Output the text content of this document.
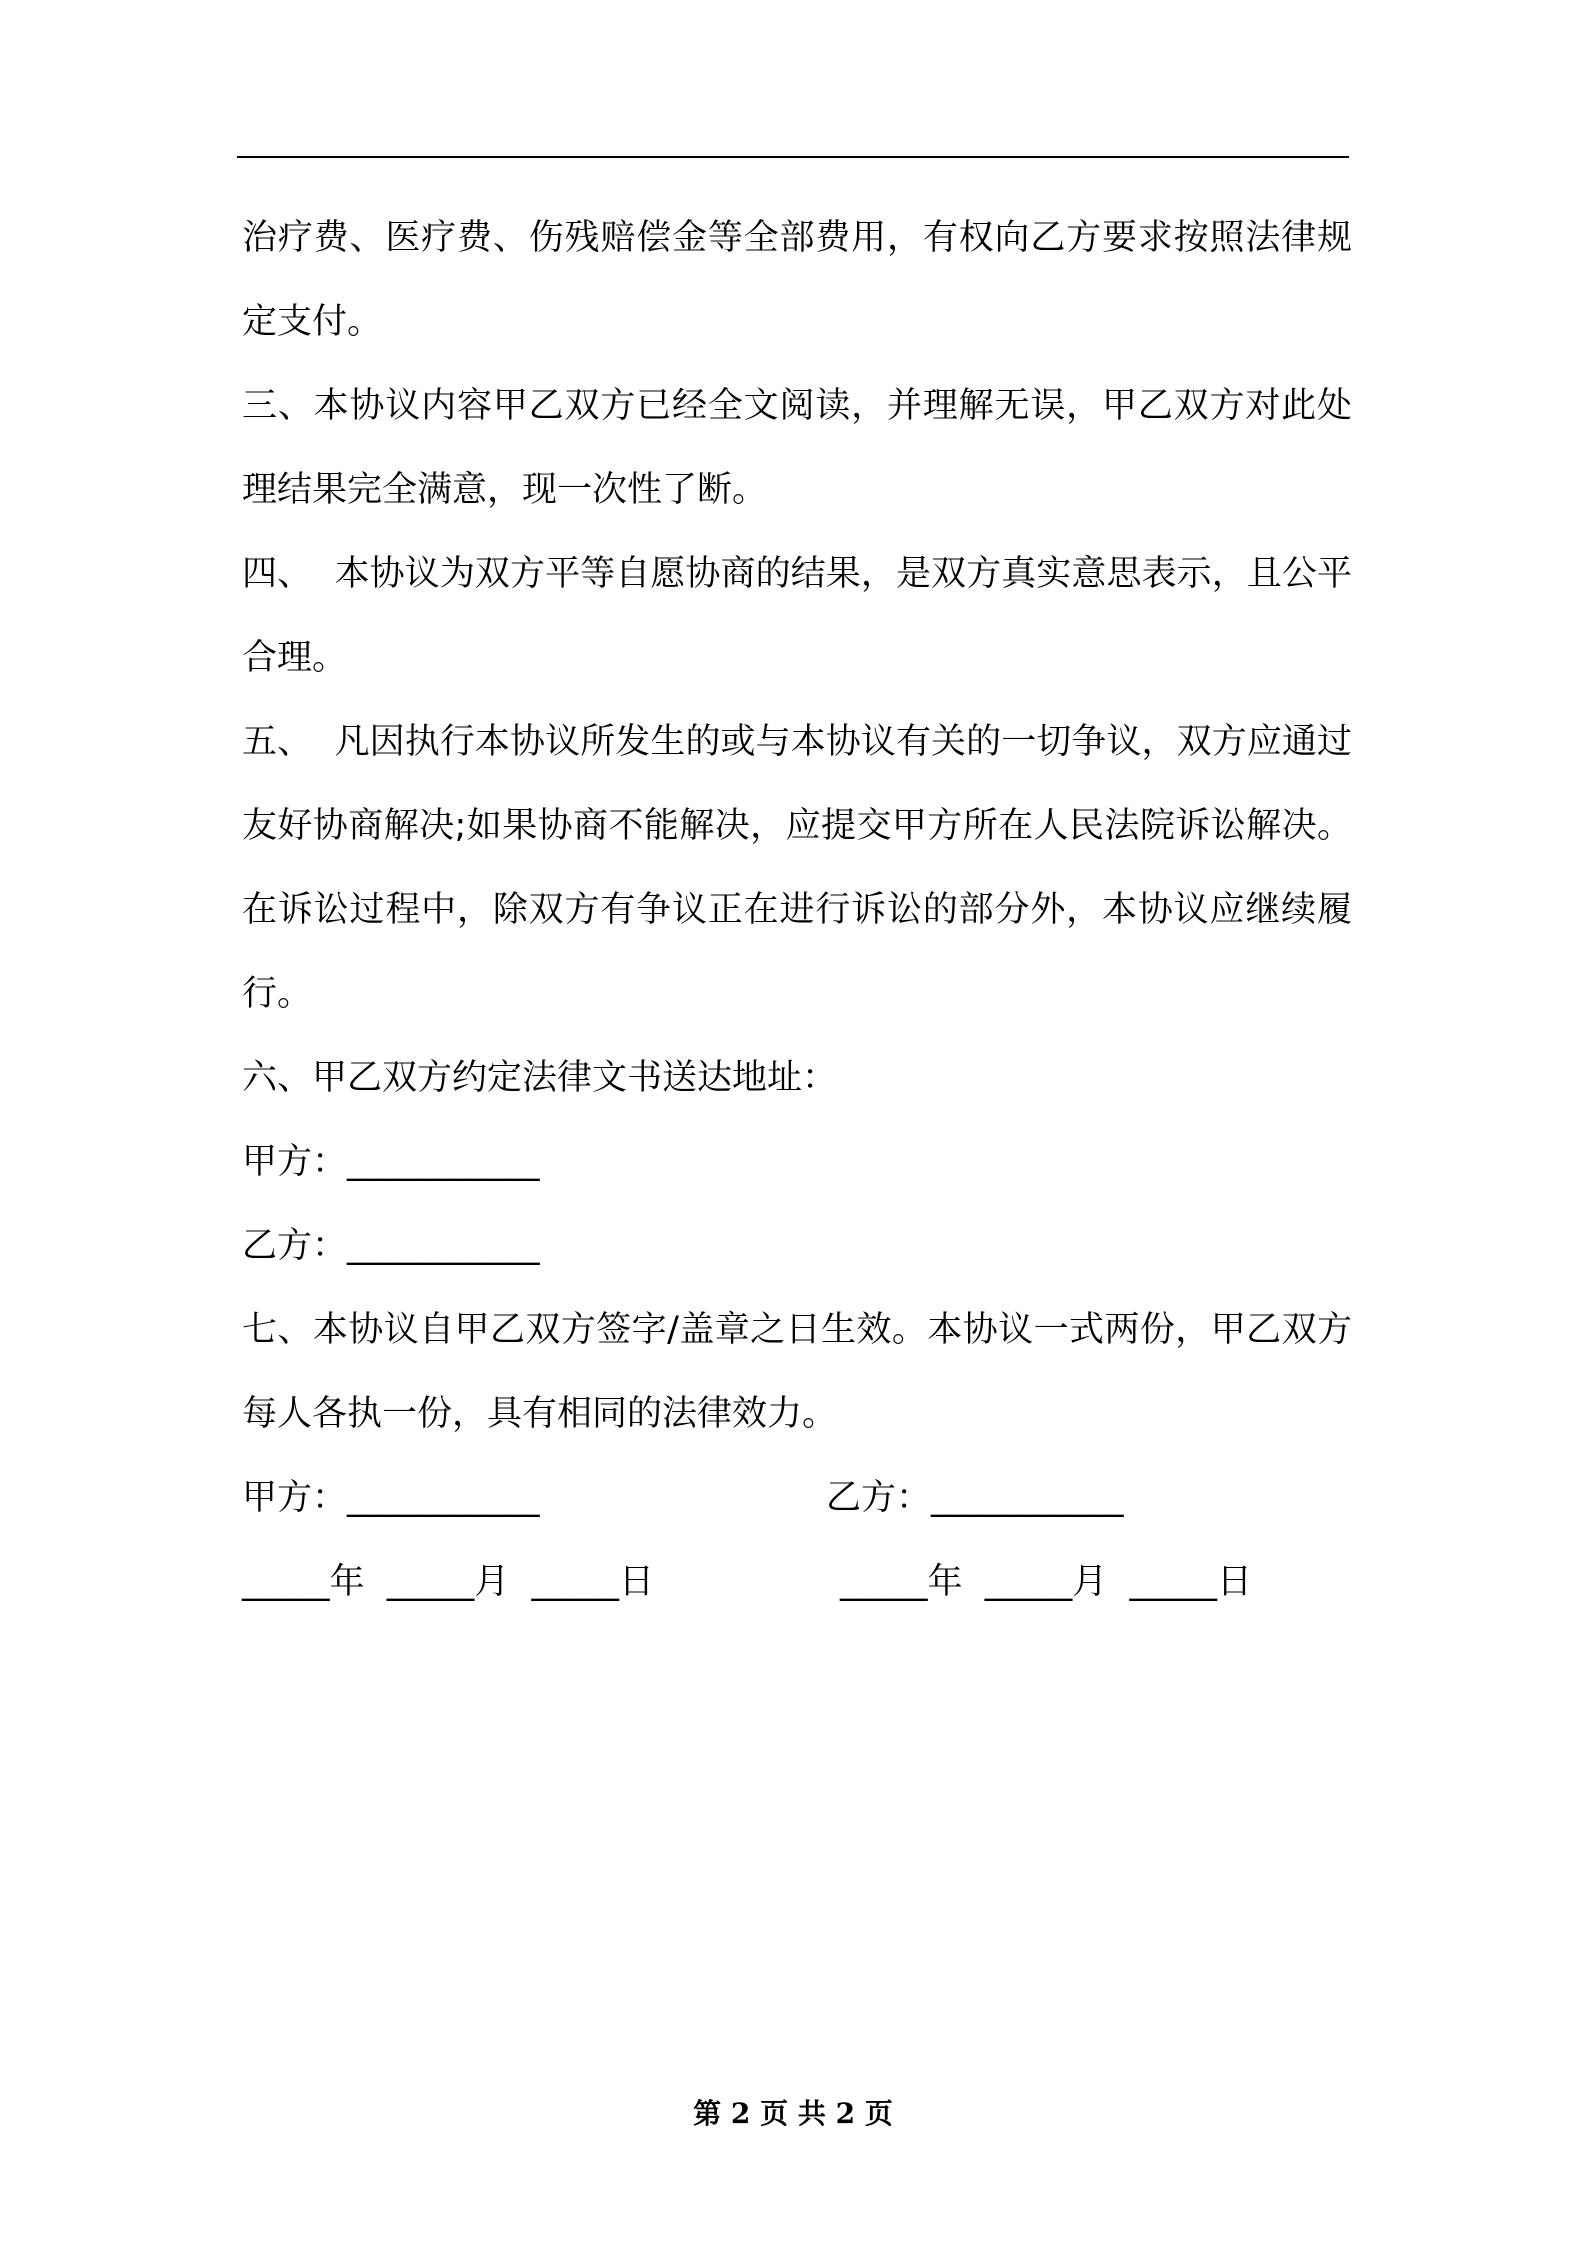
治疗费、医疗费、伤残赔偿金等全部费用，有权向乙方要求按照法律规定支付。

三、本协议内容甲乙双方已经全文阅读，并理解无误，甲乙双方对此处理结果完全满意，现一次性了断。

四、  本协议为双方平等自愿协商的结果，是双方真实意思表示，且公平合理。

五、  凡因执行本协议所发生的或与本协议有关的一切争议，双方应通过友好协商解决;如果协商不能解决，应提交甲方所在人民法院诉讼解决。在诉讼过程中，除双方有争议正在进行诉讼的部分外，本协议应继续履行。

六、甲乙双方约定法律文书送达地址：

甲方：___________

乙方：___________

七、本协议自甲乙双方签字/盖章之日生效。本协议一式两份，甲乙双方每人各执一份，具有相同的法律效力。

甲方：___________

	乙方：___________

_____年  _____月  _____日

	_____年  _____月  _____日

第 2 页 共 2 页
